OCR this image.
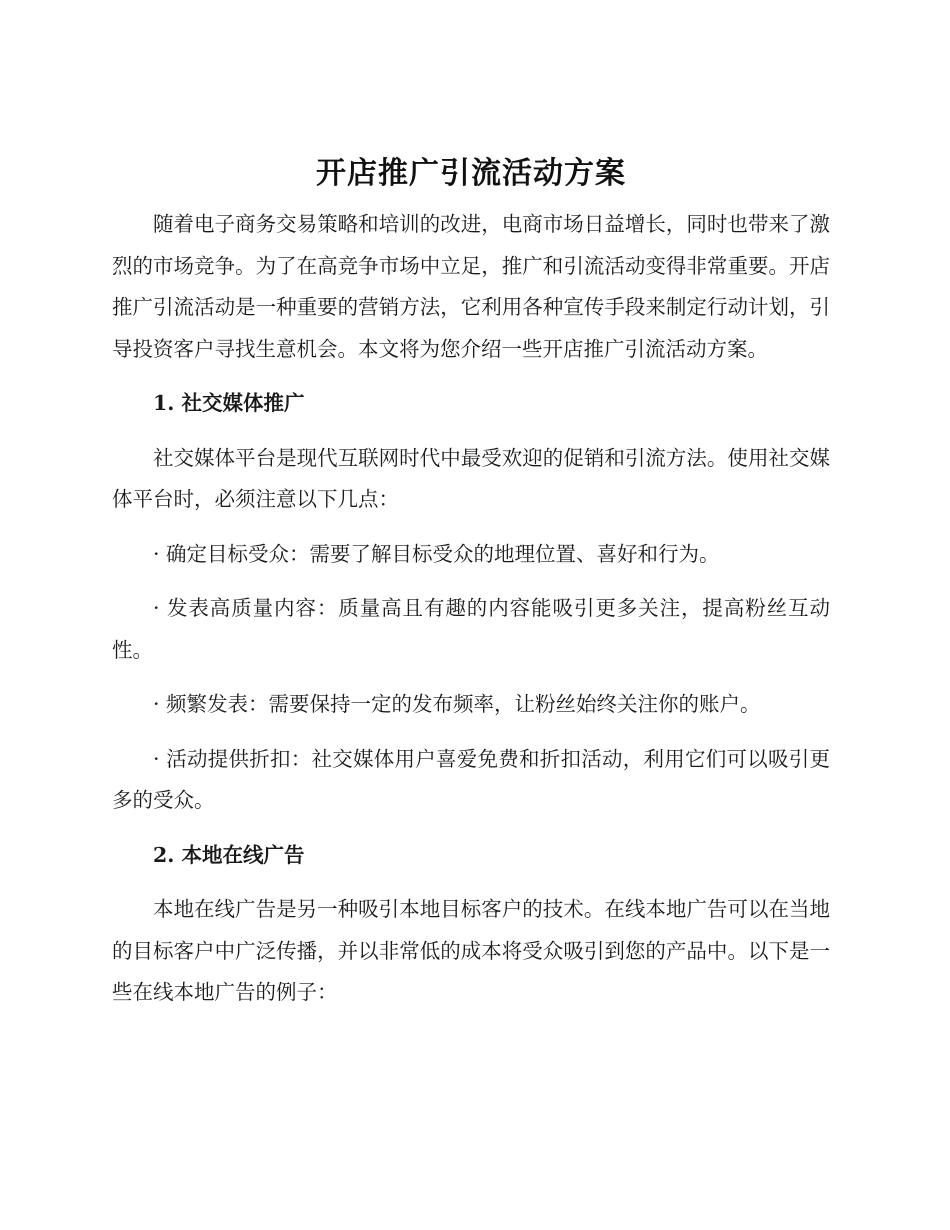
开店推广引流活动方案

随着电子商务交易策略和培训的改进，电商市场日益增长，同时也带来了激烈的市场竞争。为了在高竞争市场中立足，推广和引流活动变得非常重要。开店推广引流活动是一种重要的营销方法，它利用各种宣传手段来制定行动计划，引导投资客户寻找生意机会。本文将为您介绍一些开店推广引流活动方案。

1. 社交媒体推广

社交媒体平台是现代互联网时代中最受欢迎的促销和引流方法。使用社交媒体平台时，必须注意以下几点：

· 确定目标受众：需要了解目标受众的地理位置、喜好和行为。

· 发表高质量内容：质量高且有趣的内容能吸引更多关注，提高粉丝互动性。

· 频繁发表：需要保持一定的发布频率，让粉丝始终关注你的账户。

· 活动提供折扣：社交媒体用户喜爱免费和折扣活动，利用它们可以吸引更多的受众。

2. 本地在线广告

本地在线广告是另一种吸引本地目标客户的技术。在线本地广告可以在当地的目标客户中广泛传播，并以非常低的成本将受众吸引到您的产品中。以下是一些在线本地广告的例子：
